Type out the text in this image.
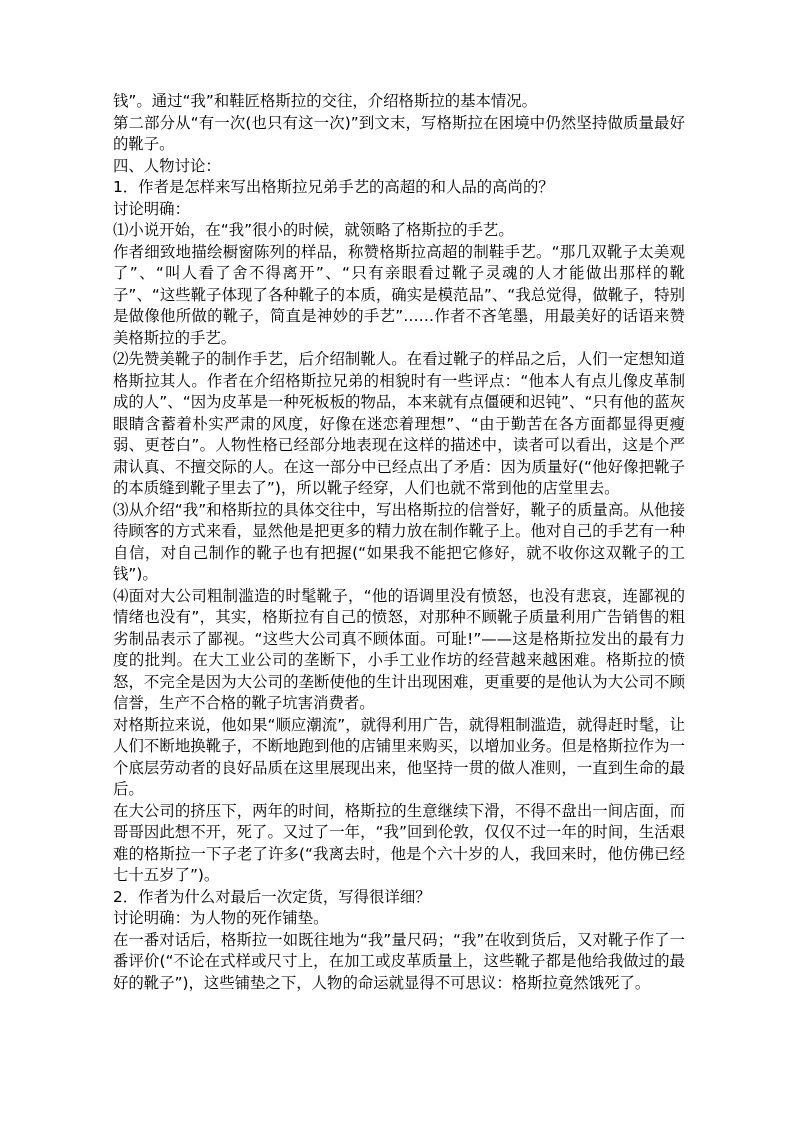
钱”。通过“我”和鞋匠格斯拉的交往，介绍格斯拉的基本情况。

第二部分从“有一次(也只有这一次)”到文末，写格斯拉在困境中仍然坚持做质量最好的靴子。

四、人物讨论：

1．作者是怎样来写出格斯拉兄弟手艺的高超的和人品的高尚的？

讨论明确：

⑴小说开始，在“我”很小的时候，就领略了格斯拉的手艺。

作者细致地描绘橱窗陈列的样品，称赞格斯拉高超的制鞋手艺。“那几双靴子太美观了”、“叫人看了舍不得离开”、“只有亲眼看过靴子灵魂的人才能做出那样的靴子”、“这些靴子体现了各种靴子的本质，确实是模范品”、“我总觉得，做靴子，特别是做像他所做的靴子，简直是神妙的手艺”……作者不吝笔墨，用最美好的话语来赞美格斯拉的手艺。

⑵先赞美靴子的制作手艺，后介绍制靴人。在看过靴子的样品之后，人们一定想知道格斯拉其人。作者在介绍格斯拉兄弟的相貌时有一些评点：“他本人有点儿像皮革制成的人”、“因为皮革是一种死板板的物品，本来就有点僵硬和迟钝”、“只有他的蓝灰眼睛含蓄着朴实严肃的风度，好像在迷恋着理想”、“由于勤苦在各方面都显得更瘦弱、更苍白”。人物性格已经部分地表现在这样的描述中，读者可以看出，这是个严肃认真、不擅交际的人。在这一部分中已经点出了矛盾：因为质量好(“他好像把靴子的本质缝到靴子里去了”)，所以靴子经穿，人们也就不常到他的店堂里去。

⑶从介绍“我”和格斯拉的具体交往中，写出格斯拉的信誉好，靴子的质量高。从他接待顾客的方式来看，显然他是把更多的精力放在制作靴子上。他对自己的手艺有一种自信，对自己制作的靴子也有把握(“如果我不能把它修好，就不收你这双靴子的工钱”)。

⑷面对大公司粗制滥造的时髦靴子，“他的语调里没有愤怒，也没有悲哀，连鄙视的情绪也没有”，其实，格斯拉有自己的愤怒，对那种不顾靴子质量利用广告销售的粗劣制品表示了鄙视。“这些大公司真不顾体面。可耻!”——这是格斯拉发出的最有力度的批判。在大工业公司的垄断下，小手工业作坊的经营越来越困难。格斯拉的愤怒，不完全是因为大公司的垄断使他的生计出现困难，更重要的是他认为大公司不顾信誉，生产不合格的靴子坑害消费者。

对格斯拉来说，他如果“顺应潮流”，就得利用广告，就得粗制滥造，就得赶时髦，让人们不断地换靴子，不断地跑到他的店铺里来购买，以增加业务。但是格斯拉作为一个底层劳动者的良好品质在这里展现出来，他坚持一贯的做人准则，一直到生命的最后。

在大公司的挤压下，两年的时间，格斯拉的生意继续下滑，不得不盘出一间店面，而哥哥因此想不开，死了。又过了一年，“我”回到伦敦，仅仅不过一年的时间，生活艰难的格斯拉一下子老了许多(“我离去时，他是个六十岁的人，我回来时，他仿佛已经七十五岁了”)。

2．作者为什么对最后一次定货，写得很详细？

讨论明确：为人物的死作铺垫。

在一番对话后，格斯拉一如既往地为“我”量尺码；“我”在收到货后，又对靴子作了一番评价(“不论在式样或尺寸上，在加工或皮革质量上，这些靴子都是他给我做过的最好的靴子”)，这些铺垫之下，人物的命运就显得不可思议：格斯拉竟然饿死了。
